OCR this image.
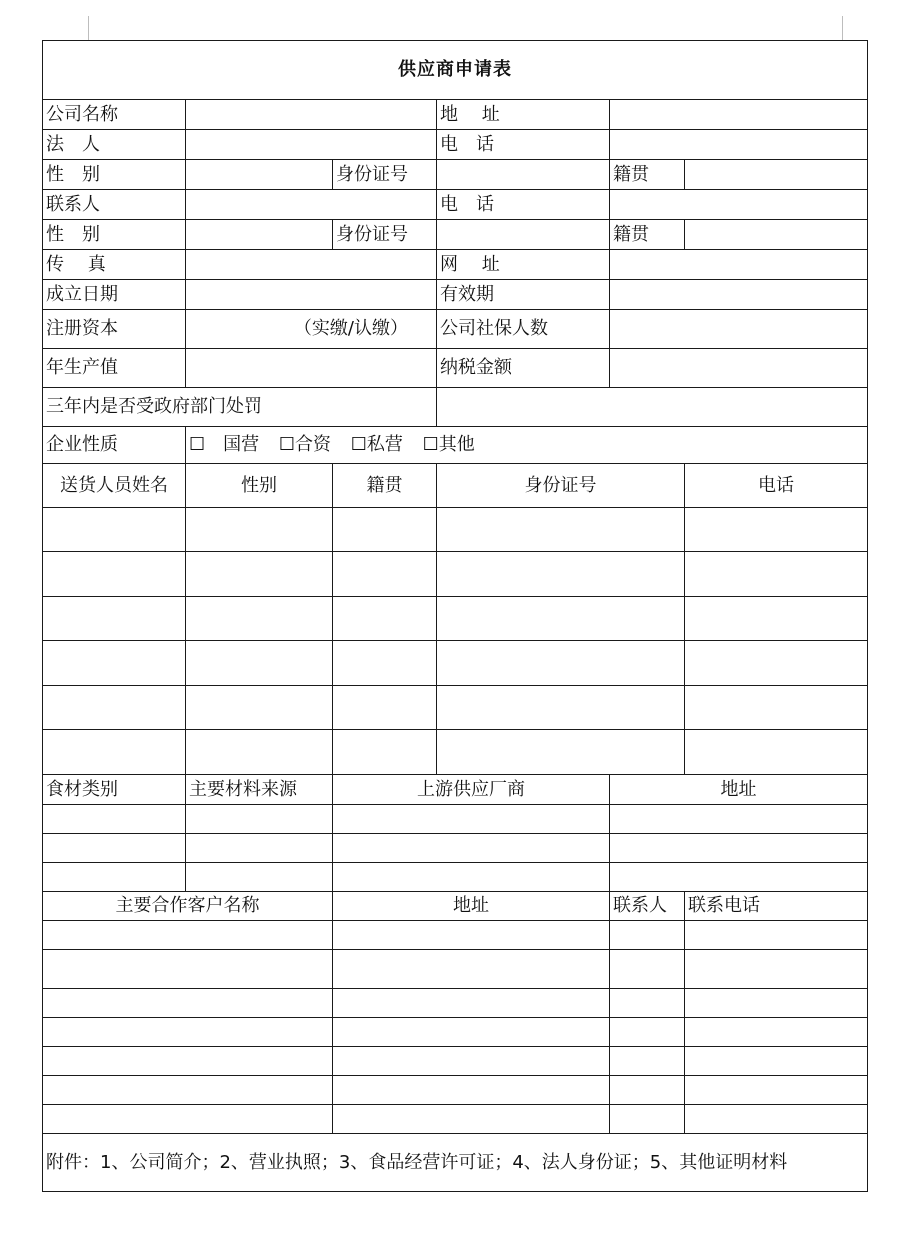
供应商申请表					
公司名称			地　 址		
法　人			电　话		
性　别		身份证号		籍贯	
联系人			电　话		
性　别		身份证号		籍贯	
传　 真			网　 址		
成立日期			有效期		
注册资本	（实缴/认缴）		公司社保人数		
年生产值			纳税金额		
三年内是否受政府部门处罚					
企业性质	☐　国营 ☐合资 ☐私营 ☐其他				
送货人员姓名	性别	籍贯	身份证号		电话

食材类别	主要材料来源	上游供应厂商		地址	

主要合作客户名称		地址		联系人	联系电话

附件：1、公司简介；2、营业执照；3、食品经营许可证；4、法人身份证；5、其他证明材料					
